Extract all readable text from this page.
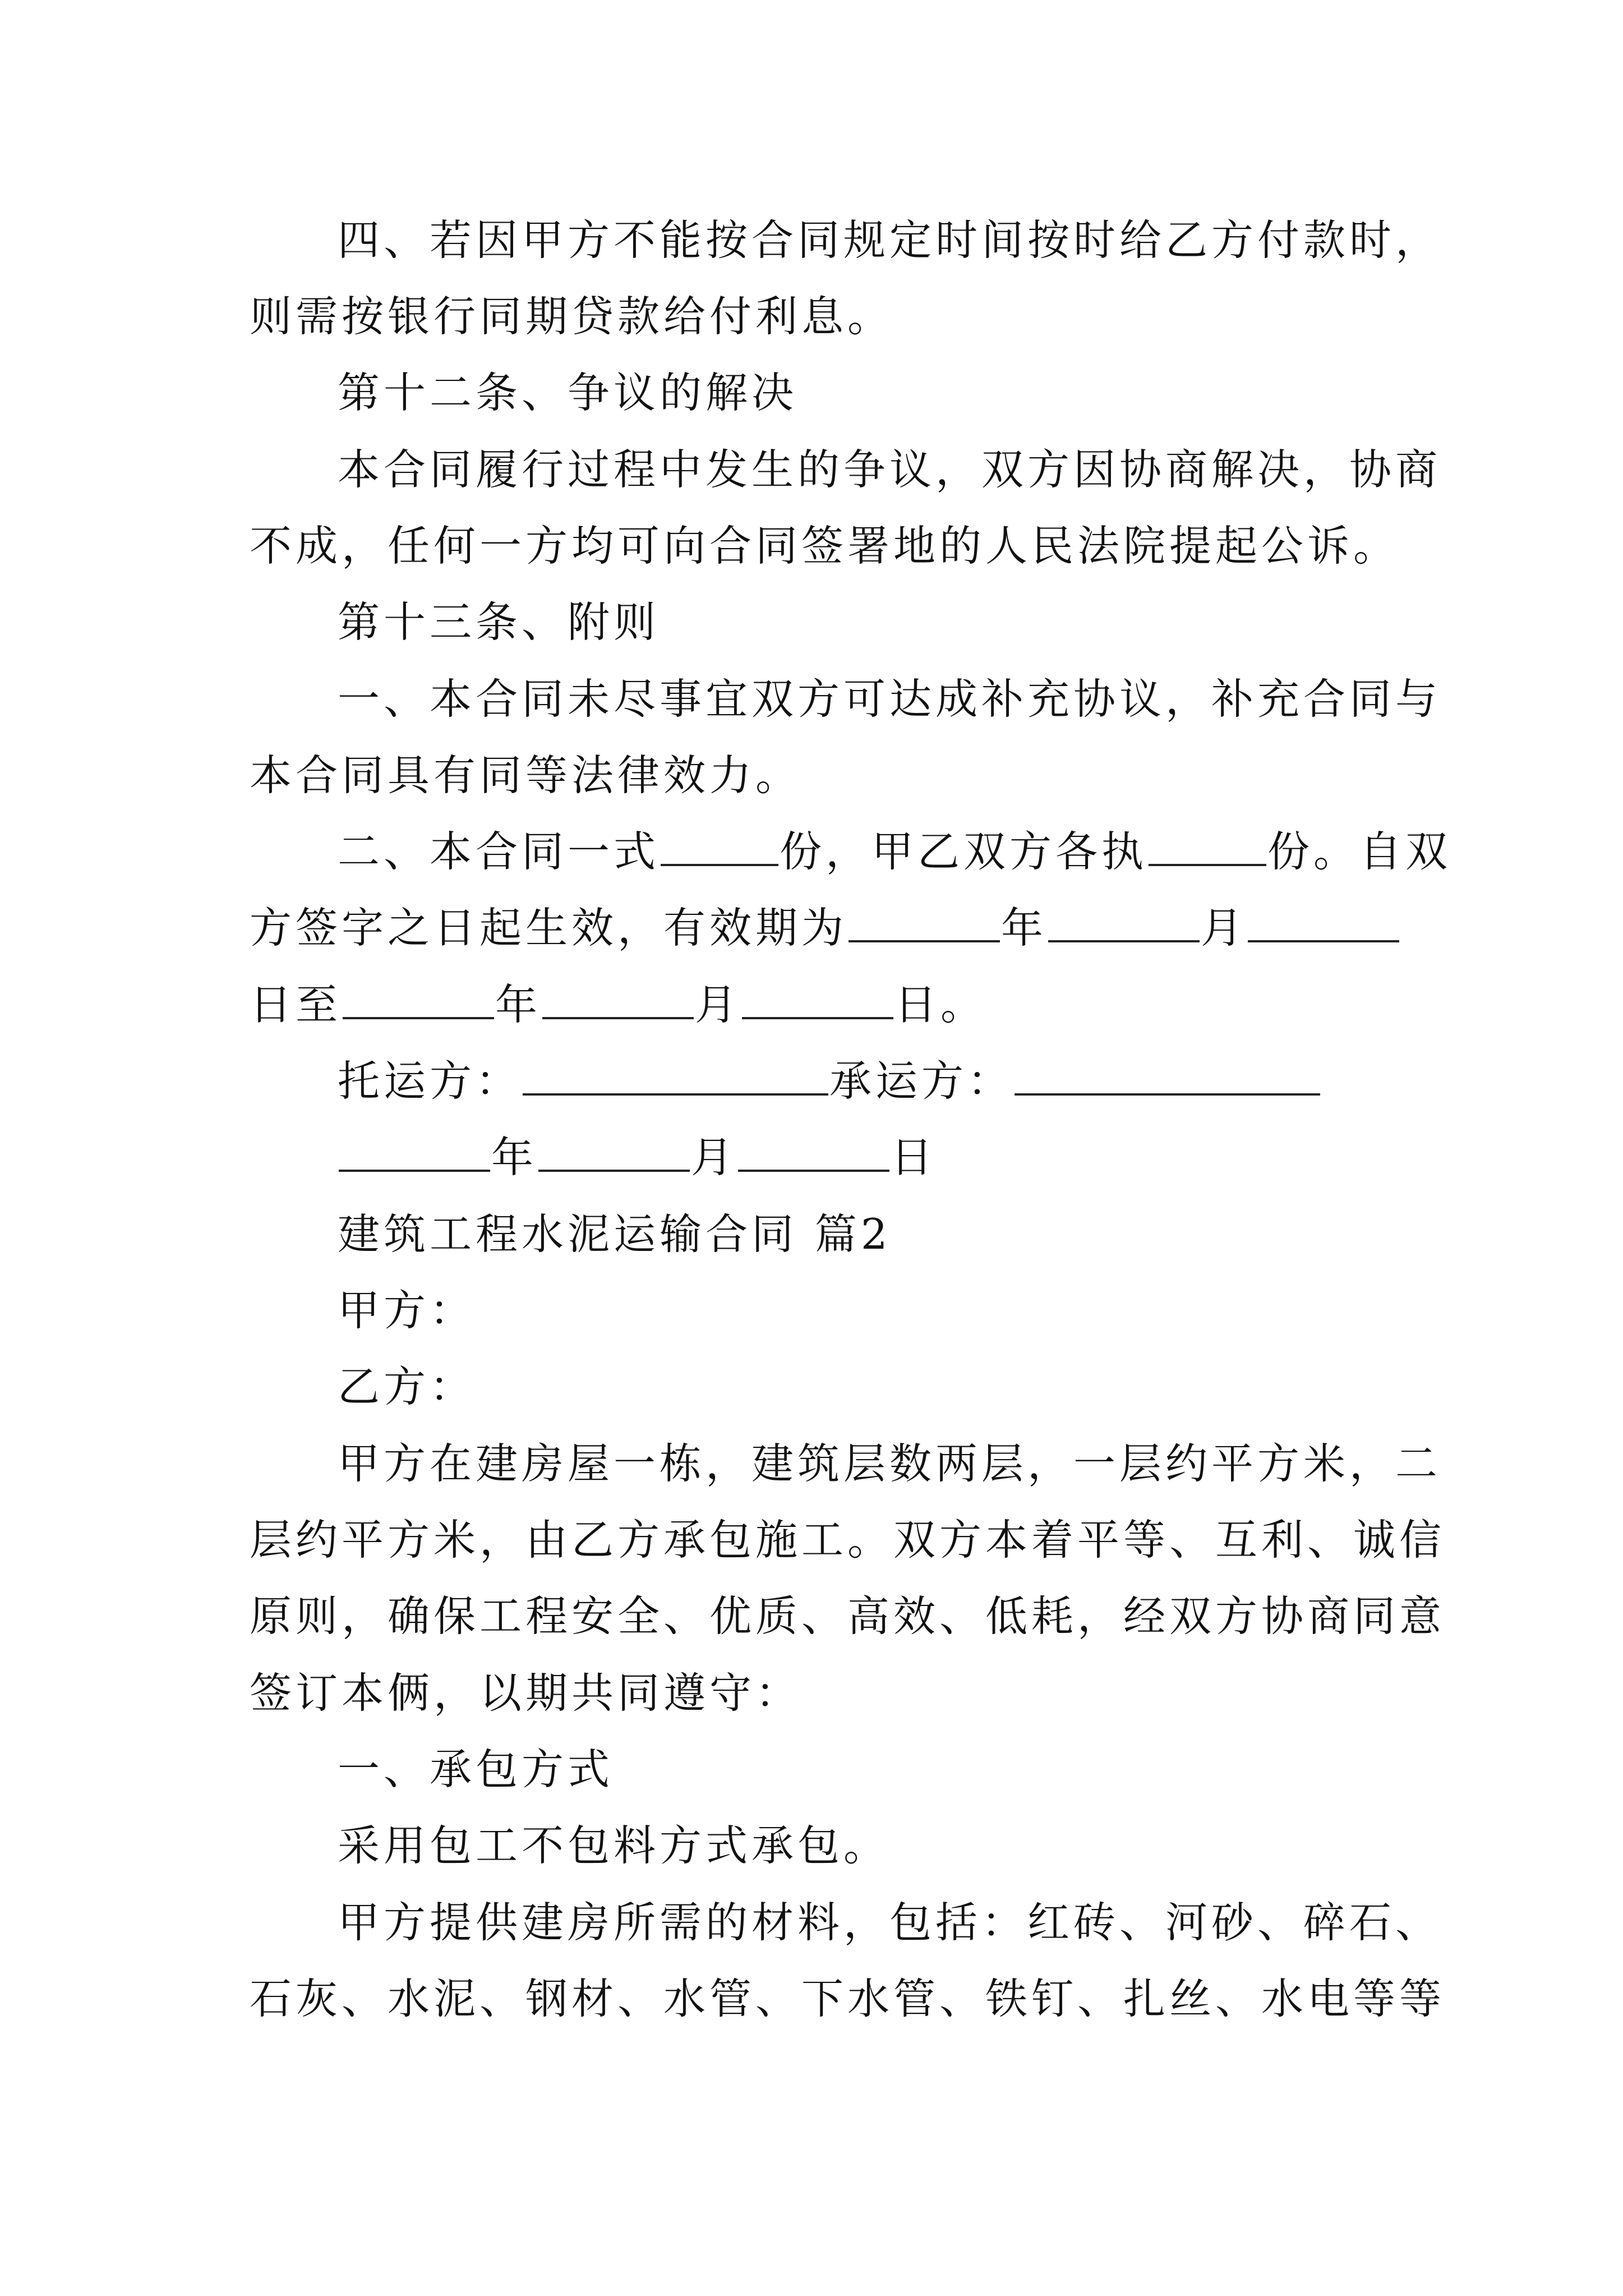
四、若因甲方不能按合同规定时间按时给乙方付款时，
则需按银行同期贷款给付利息。
第十二条、争议的解决
本合同履行过程中发生的争议，双方因协商解决，协商
不成，任何一方均可向合同签署地的人民法院提起公诉。
第十三条、附则
一、本合同未尽事宜双方可达成补充协议，补充合同与
本合同具有同等法律效力。
二、本合同一式	份，甲乙双方各执	份。自双
方签字之日起生效，有效期为	年	月
日至	年	月	日。
托运方：	承运方：
年	月	日
建筑工程水泥运输合同 篇2
甲方：
乙方：
甲方在建房屋一栋，建筑层数两层，一层约平方米，二
层约平方米，由乙方承包施工。双方本着平等、互利、诚信
原则，确保工程安全、优质、高效、低耗，经双方协商同意
签订本俩，以期共同遵守：
一、承包方式
采用包工不包料方式承包。
甲方提供建房所需的材料，包括：红砖、河砂、碎石、
石灰、水泥、钢材、水管、下水管、铁钉、扎丝、水电等等
